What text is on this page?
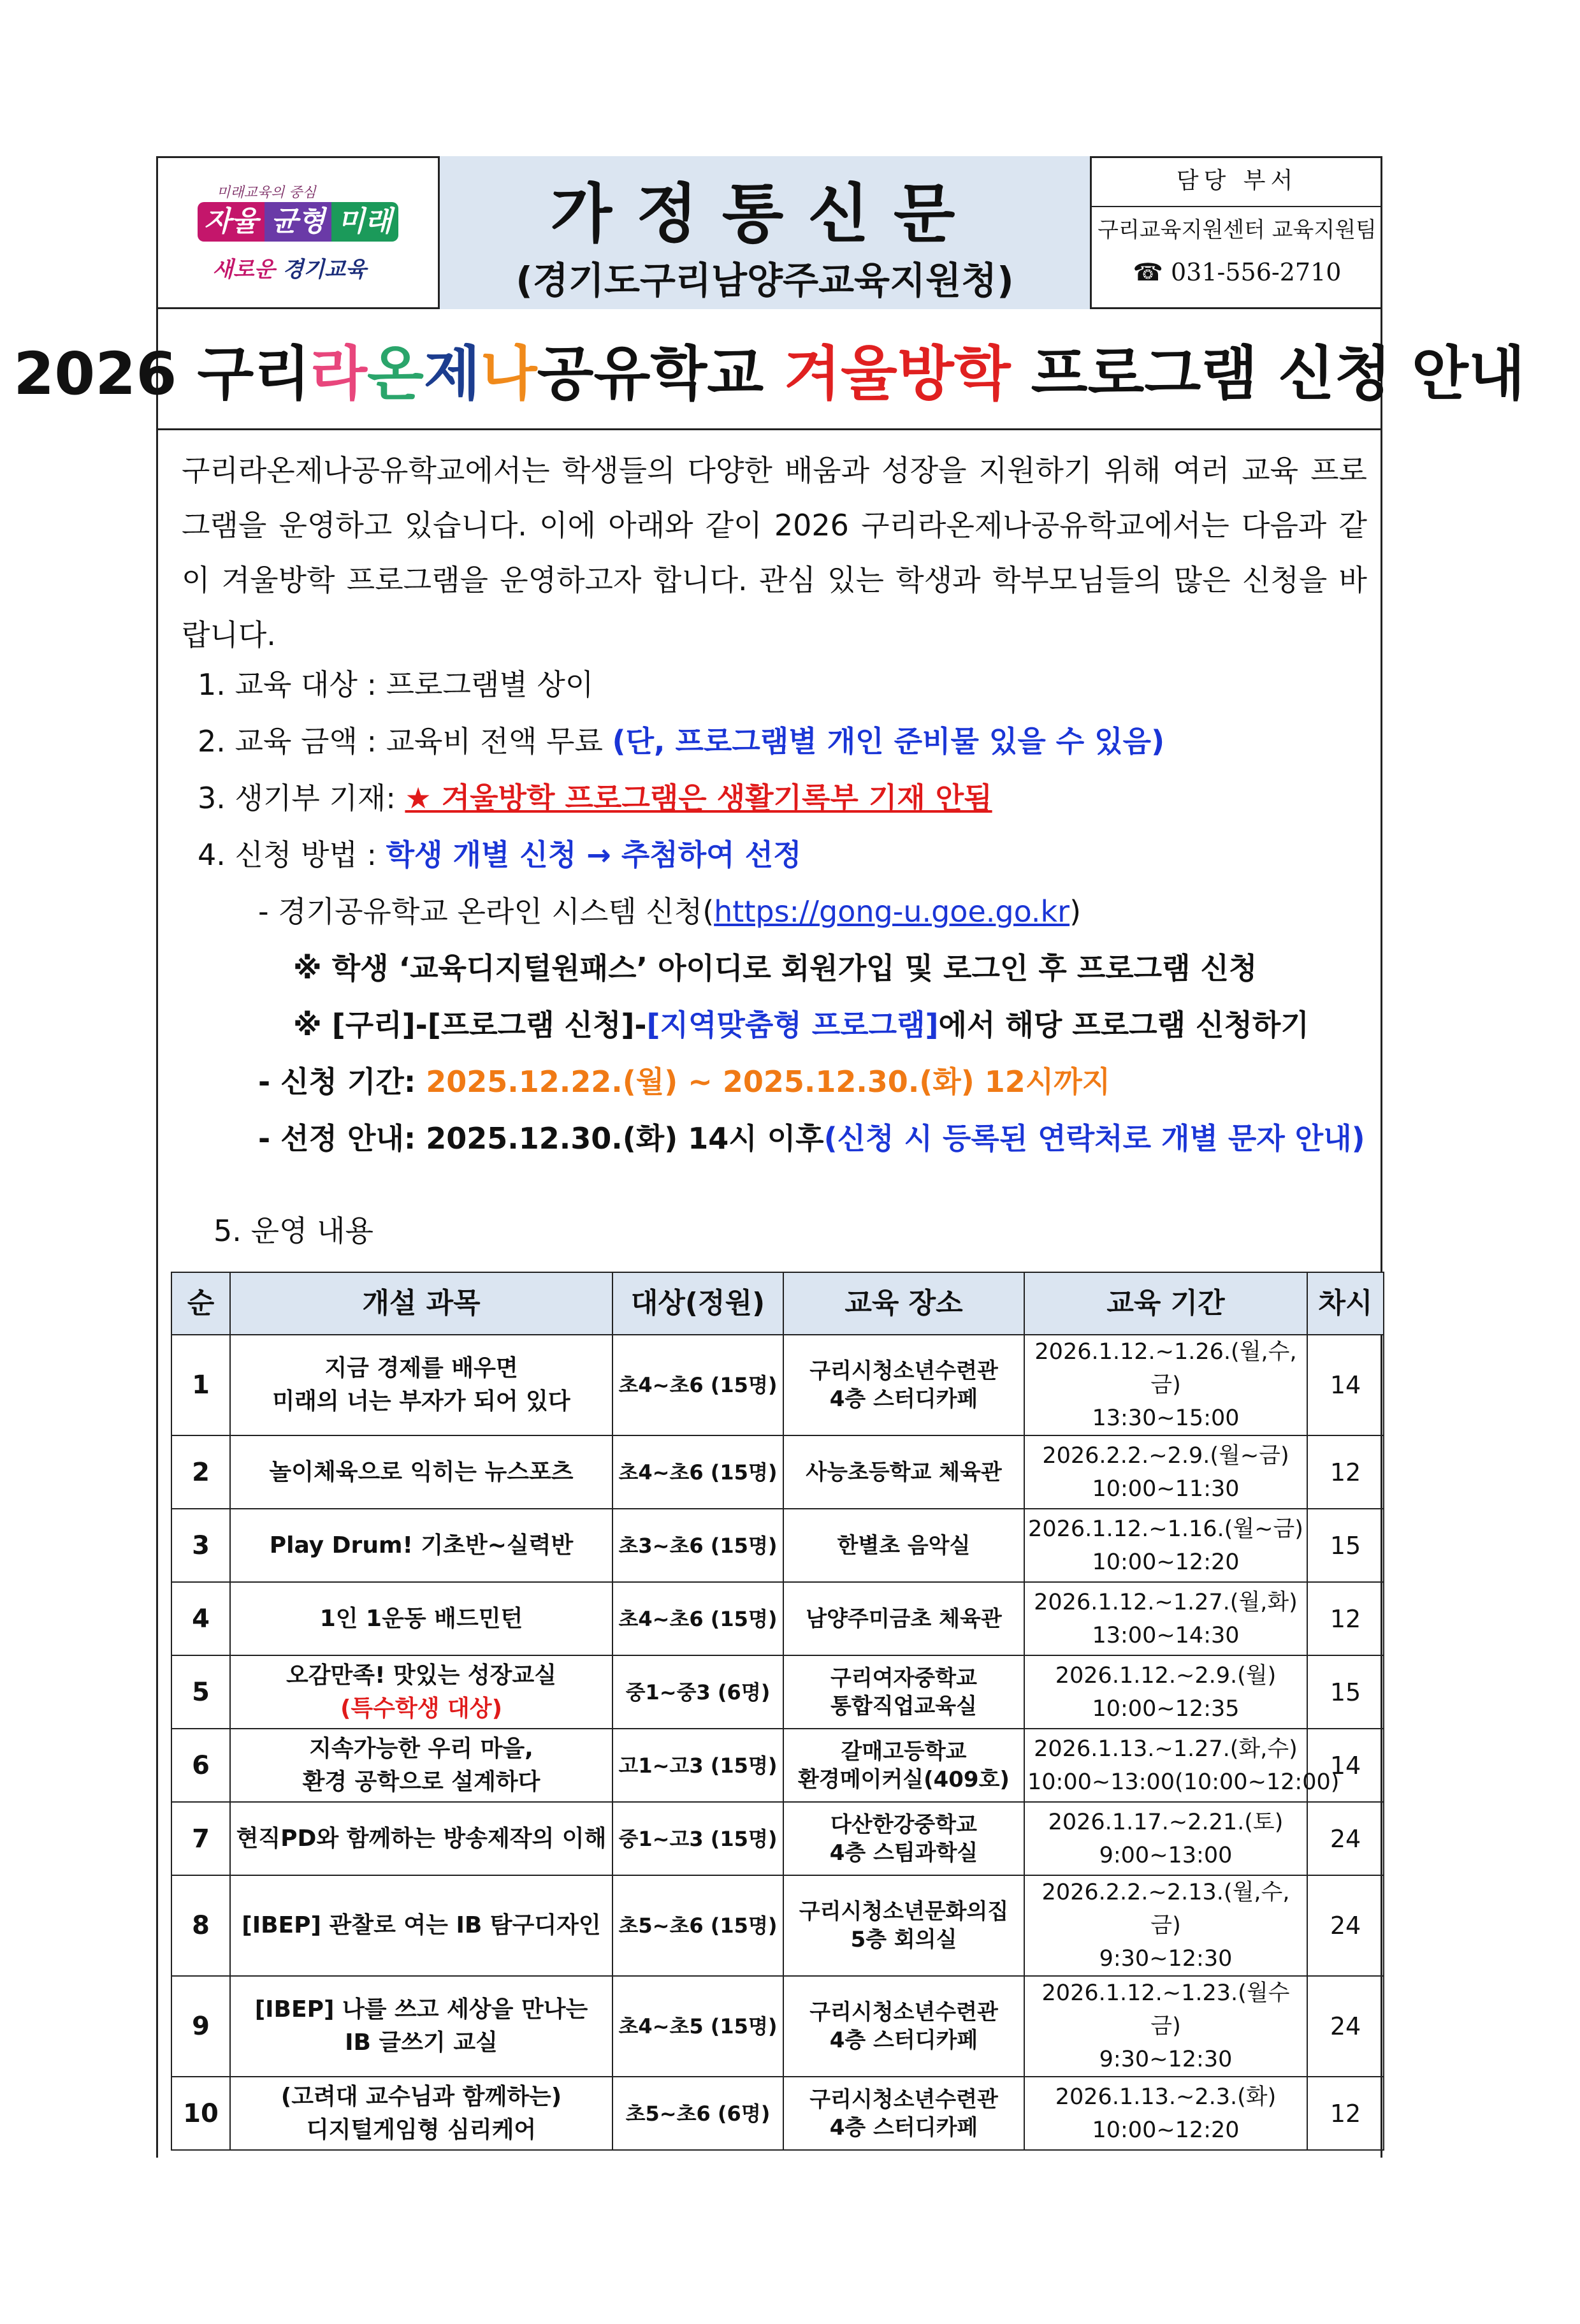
미래교육의 중심
자율 균형 미래
새로운 경기교육
가정통신문
(경기도구리남양주교육지원청)
담당 부서
구리교육지원센터 교육지원팀
☎ 031-556-2710
2026 구리 라 온 제 나 공유학교 겨울방학 프로그램 신청 안내
구리라온제나공유학교에서는 학생들의 다양한 배움과 성장을 지원하기 위해 여러 교육 프로그램을 운영하고 있습니다. 이에 아래와 같이 2026 구리라온제나공유학교에서는 다음과 같이 겨울방학 프로그램을 운영하고자 합니다. 관심 있는 학생과 학부모님들의 많은 신청을 바랍니다.
1. 교육 대상 : 프로그램별 상이
2. 교육 금액 : 교육비 전액 무료 (단, 프로그램별 개인 준비물 있을 수 있음)
3. 생기부 기재: ★ 겨울방학 프로그램은 생활기록부 기재 안됨
4. 신청 방법 : 학생 개별 신청 → 추첨하여 선정
- 경기공유학교 온라인 시스템 신청(https://gong-u.goe.go.kr)
※ 학생 ‘교육디지털원패스’ 아이디로 회원가입 및 로그인 후 프로그램 신청
※ [구리]-[프로그램 신청]-[지역맞춤형 프로그램]에서 해당 프로그램 신청하기
- 신청 기간: 2025.12.22.(월) ~ 2025.12.30.(화) 12시까지
- 선정 안내: 2025.12.30.(화) 14시 이후(신청 시 등록된 연락처로 개별 문자 안내)
5. 운영 내용
순	개설 과목	대상(정원)	교육 장소	교육 기간	차시
1	지금 경제를 배우면
미래의 너는 부자가 되어 있다	초4~초6 (15명)	구리시청소년수련관
4층 스터디카페	2026.1.12.~1.26.(월,수,금)
13:30~15:00	14
2	놀이체육으로 익히는 뉴스포츠	초4~초6 (15명)	사능초등학교 체육관	2026.2.2.~2.9.(월~금)
10:00~11:30	12
3	Play Drum! 기초반~실력반	초3~초6 (15명)	한별초 음악실	2026.1.12.~1.16.(월~금)
10:00~12:20	15
4	1인 1운동 배드민턴	초4~초6 (15명)	남양주미금초 체육관	2026.1.12.~1.27.(월,화)
13:00~14:30	12
5	오감만족! 맛있는 성장교실
(특수학생 대상)	중1~중3 (6명)	구리여자중학교
통합직업교육실	2026.1.12.~2.9.(월)
10:00~12:35	15
6	지속가능한 우리 마을,
환경 공학으로 설계하다	고1~고3 (15명)	갈매고등학교
환경메이커실(409호)	2026.1.13.~1.27.(화,수)
10:00~13:00(10:00~12:00)	14
7	현직PD와 함께하는 방송제작의 이해	중1~고3 (15명)	다산한강중학교
4층 스팀과학실	2026.1.17.~2.21.(토)
9:00~13:00	24
8	[IBEP] 관찰로 여는 IB 탐구디자인	초5~초6 (15명)	구리시청소년문화의집
5층 회의실	2026.2.2.~2.13.(월,수,금)
9:30~12:30	24
9	[IBEP] 나를 쓰고 세상을 만나는
IB 글쓰기 교실	초4~초5 (15명)	구리시청소년수련관
4층 스터디카페	2026.1.12.~1.23.(월수금)
9:30~12:30	24
10	(고려대 교수님과 함께하는)
디지털게임형 심리케어	초5~초6 (6명)	구리시청소년수련관
4층 스터디카페	2026.1.13.~2.3.(화)
10:00~12:20	12
